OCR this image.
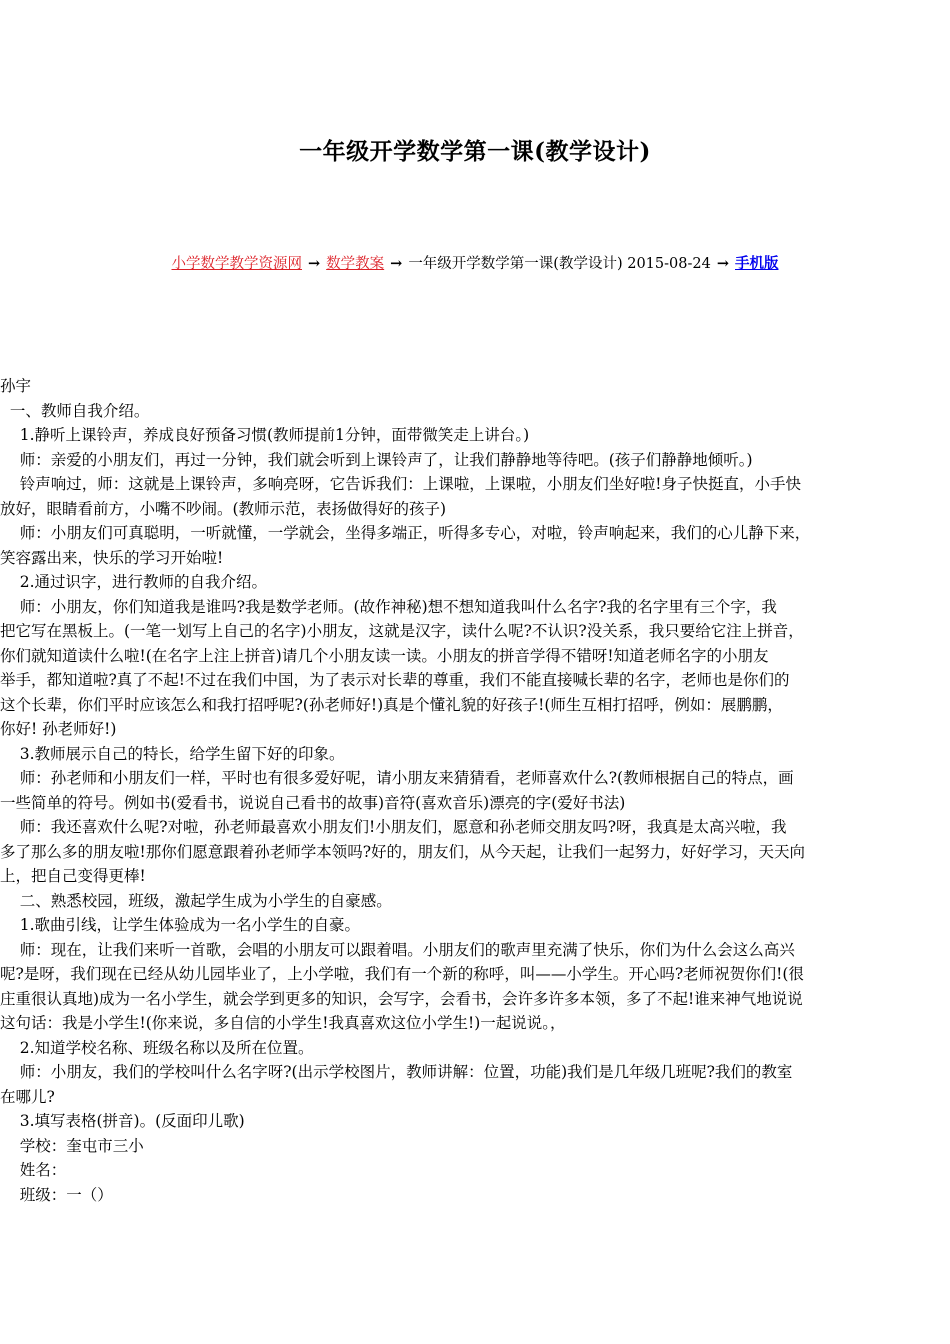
一年级开学数学第一课(教学设计)
小学数学教学资源网 → 数学教案 → 一年级开学数学第一课(教学设计) 2015-08-24 → 手机版
孙宇
一、教师自我介绍。
1.静听上课铃声，养成良好预备习惯(教师提前1分钟，面带微笑走上讲台。)
师：亲爱的小朋友们，再过一分钟，我们就会听到上课铃声了，让我们静静地等待吧。(孩子们静静地倾听。)
铃声响过，师：这就是上课铃声，多响亮呀，它告诉我们：上课啦，上课啦，小朋友们坐好啦!身子快挺直，小手快
放好，眼睛看前方，小嘴不吵闹。(教师示范，表扬做得好的孩子)
师：小朋友们可真聪明，一听就懂，一学就会，坐得多端正，听得多专心，对啦，铃声响起来，我们的心儿静下来，
笑容露出来，快乐的学习开始啦!
2.通过识字，进行教师的自我介绍。
师：小朋友，你们知道我是谁吗?我是数学老师。(故作神秘)想不想知道我叫什么名字?我的名字里有三个字，我
把它写在黑板上。(一笔一划写上自己的名字)小朋友，这就是汉字，读什么呢?不认识?没关系，我只要给它注上拼音，
你们就知道读什么啦!(在名字上注上拼音)请几个小朋友读一读。小朋友的拼音学得不错呀!知道老师名字的小朋友
举手，都知道啦?真了不起!不过在我们中国，为了表示对长辈的尊重，我们不能直接喊长辈的名字，老师也是你们的
这个长辈，你们平时应该怎么和我打招呼呢?(孙老师好!)真是个懂礼貌的好孩子!(师生互相打招呼，例如：展鹏鹏，
你好! 孙老师好!)
3.教师展示自己的特长，给学生留下好的印象。
师：孙老师和小朋友们一样，平时也有很多爱好呢，请小朋友来猜猜看，老师喜欢什么?(教师根据自己的特点，画
一些简单的符号。例如书(爱看书，说说自己看书的故事)音符(喜欢音乐)漂亮的字(爱好书法)
师：我还喜欢什么呢?对啦，孙老师最喜欢小朋友们!小朋友们，愿意和孙老师交朋友吗?呀，我真是太高兴啦，我
多了那么多的朋友啦!那你们愿意跟着孙老师学本领吗?好的，朋友们，从今天起，让我们一起努力，好好学习，天天向
上，把自己变得更棒!
二、熟悉校园，班级，激起学生成为小学生的自豪感。
1.歌曲引线，让学生体验成为一名小学生的自豪。
师：现在，让我们来听一首歌，会唱的小朋友可以跟着唱。小朋友们的歌声里充满了快乐，你们为什么会这么高兴
呢?是呀，我们现在已经从幼儿园毕业了，上小学啦，我们有一个新的称呼，叫——小学生。开心吗?老师祝贺你们!(很
庄重很认真地)成为一名小学生，就会学到更多的知识，会写字，会看书，会许多许多本领，多了不起!谁来神气地说说
这句话：我是小学生!(你来说，多自信的小学生!我真喜欢这位小学生!)一起说说。，
2.知道学校名称、班级名称以及所在位置。
师：小朋友，我们的学校叫什么名字呀?(出示学校图片，教师讲解：位置，功能)我们是几年级几班呢?我们的教室
在哪儿?
3.填写表格(拼音)。(反面印儿歌)
学校：奎屯市三小
姓名：
班级：一（）
